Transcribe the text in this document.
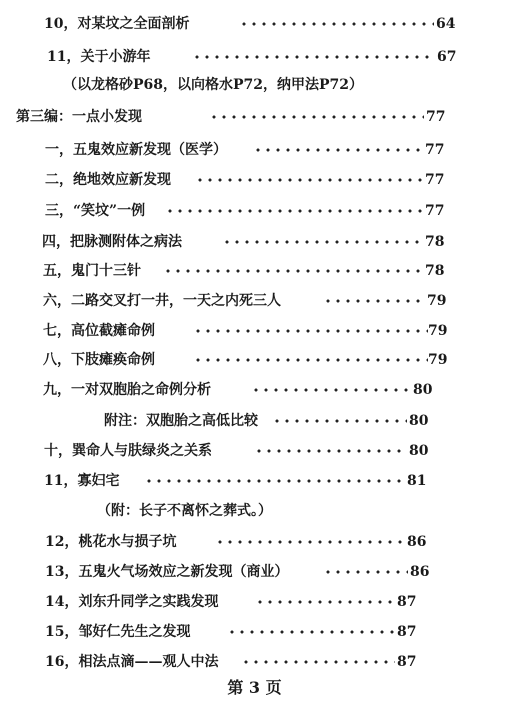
10，对某坟之全面剖析	64
11，关于小游年	67
（以龙格砂P68，以向格水P72，纳甲法P72）
第三编：一点小发现	77
一，五鬼效应新发现（医学）	77
二，绝地效应新发现	77
三，“笑坟”一例	77
四，把脉测附体之病法	78
五，鬼门十三针	78
六，二路交叉打一井，一天之内死三人	79
七，高位截瘫命例	79
八，下肢瘫痪命例	79
九，一对双胞胎之命例分析	80
附注：双胞胎之高低比较	80
十，巽命人与肤绿炎之关系	80
11，寡妇宅	81
（附：长子不离怀之葬式。）
12，桃花水与损子坑	86
13，五鬼火气场效应之新发现（商业）	86
14，刘东升同学之实践发现	87
15，邹好仁先生之发现	87
16，相法点滴——观人中法	87
第 3 页
